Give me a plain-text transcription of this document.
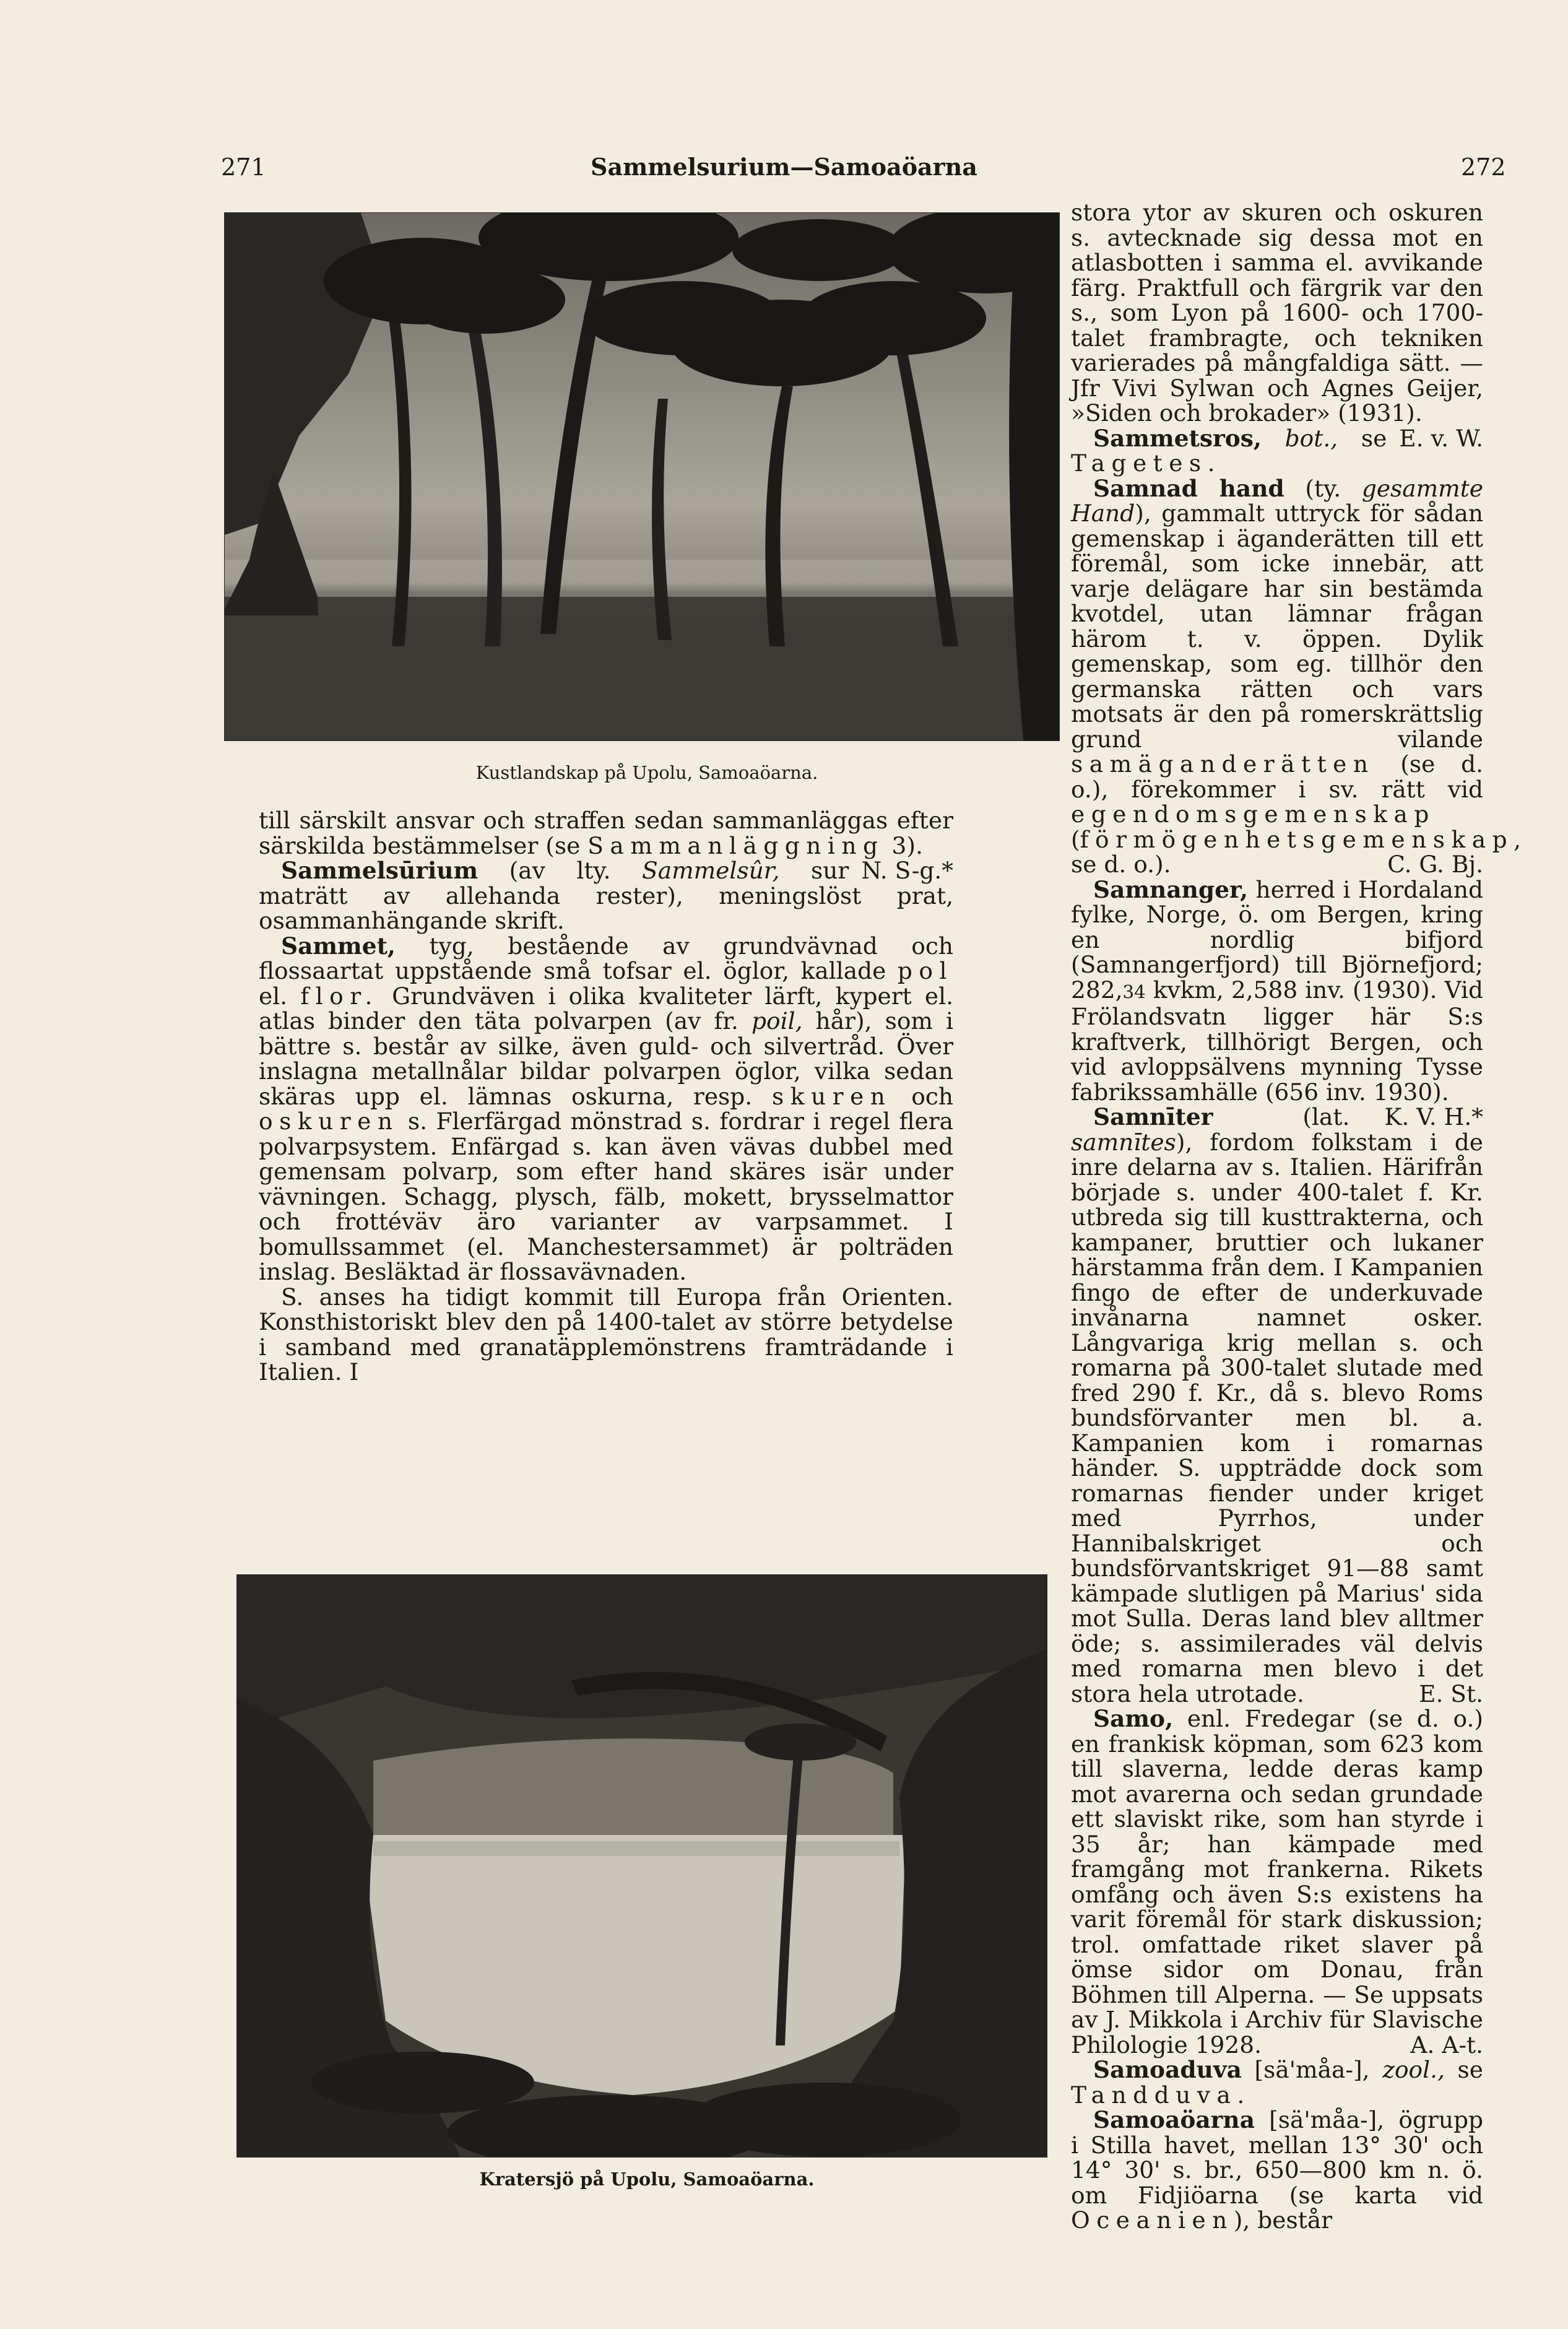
271	Sammelsurium—Samoaöarna	272
Kustlandskap på Upolu, Samoaöarna.
Kratersjö på Upolu, Samoaöarna.

till särskilt ansvar och straffen sedan sammanläggas efter särskilda bestämmelser (se Sammanläggning 3).
N. S-g.*

Sammelsūrium (av lty. Sammelsûr, sur maträtt av allehanda rester), meningslöst prat, osammanhängande skrift.

Sammet, tyg, bestående av grundvävnad och flossaartat uppstående små tofsar el. öglor, kallade pol el. flor. Grundväven i olika kvaliteter lärft, kypert el. atlas binder den täta polvarpen (av fr. poil, hår), som i bättre s. består av silke, även guld- och silvertråd. Över inslagna metallnålar bildar polvarpen öglor, vilka sedan skäras upp el. lämnas oskurna, resp. skuren och oskuren s. Flerfärgad mönstrad s. fordrar i regel flera polvarpsystem. Enfärgad s. kan även vävas dubbel med gemensam polvarp, som efter hand skäres isär under vävningen. Schagg, plysch, fälb, mokett, brysselmattor och frottéväv äro varianter av varpsammet. I bomullssammet (el. Manchestersammet) är polträden inslag. Besläktad är flossavävnaden.

S. anses ha tidigt kommit till Europa från Orienten. Konsthistoriskt blev den på 1400-talet av större betydelse i samband med granatäpplemönstrens framträdande i Italien. I

stora ytor av skuren och oskuren s. avtecknade sig dessa mot en atlasbotten i samma el. avvikande färg. Praktfull och färgrik var den s., som Lyon på 1600- och 1700-talet frambragte, och tekniken varierades på mångfaldiga sätt. — Jfr Vivi Sylwan och Agnes Geijer, »Siden och brokader» (1931).
E. v. W.

Sammetsros, bot., se Tagetes.

Samnad hand (ty. gesammte Hand), gammalt uttryck för sådan gemenskap i äganderätten till ett föremål, som icke innebär, att varje delägare har sin bestämda kvotdel, utan lämnar frågan härom t. v. öppen. Dylik gemenskap, som eg. tillhör den germanska rätten och vars motsats är den på romerskrättslig grund vilande samäganderätten (se d. o.), förekommer i sv. rätt vid egendomsgemenskap (förmögenhetsgemenskap, se d. o.).	C. G. Bj.

Samnanger, herred i Hordaland fylke, Norge, ö. om Bergen, kring en nordlig bifjord (Samnangerfjord) till Björnefjord; 282,34 kvkm, 2,588 inv. (1930). Vid Frölandsvatn ligger här S:s kraftverk, tillhörigt Bergen, och vid avloppsälvens mynning Tysse fabrikssamhälle (656 inv. 1930).
K. V. H.*

Samnīter (lat. samnītes), fordom folkstam i de inre delarna av s. Italien. Härifrån började s. under 400-talet f. Kr. utbreda sig till kusttrakterna, och kampaner, bruttier och lukaner härstamma från dem. I Kampanien fingo de efter de underkuvade invånarna namnet osker. Långvariga krig mellan s. och romarna på 300-talet slutade med fred 290 f. Kr., då s. blevo Roms bundsförvanter men bl. a. Kampanien kom i romarnas händer. S. uppträdde dock som romarnas fiender under kriget med Pyrrhos, under Hannibalskriget och bundsförvantskriget 91—88 samt kämpade slutligen på Marius' sida mot Sulla. Deras land blev alltmer öde; s. assimilerades väl delvis med romarna men blevo i det stora hela utrotade.	E. St.

Samo, enl. Fredegar (se d. o.) en frankisk köpman, som 623 kom till slaverna, ledde deras kamp mot avarerna och sedan grundade ett slaviskt rike, som han styrde i 35 år; han kämpade med framgång mot frankerna. Rikets omfång och även S:s existens ha varit föremål för stark diskussion; trol. omfattade riket slaver på ömse sidor om Donau, från Böhmen till Alperna. — Se uppsats av J. Mikkola i Archiv für Slavische Philologie 1928.	A. A-t.

Samoaduva [sä'måa-], zool., se Tandduva.

Samoaöarna [sä'måa-], ögrupp i Stilla havet, mellan 13° 30' och 14° 30' s. br., 650—800 km n. ö. om Fidjiöarna (se karta vid Oceanien), består
